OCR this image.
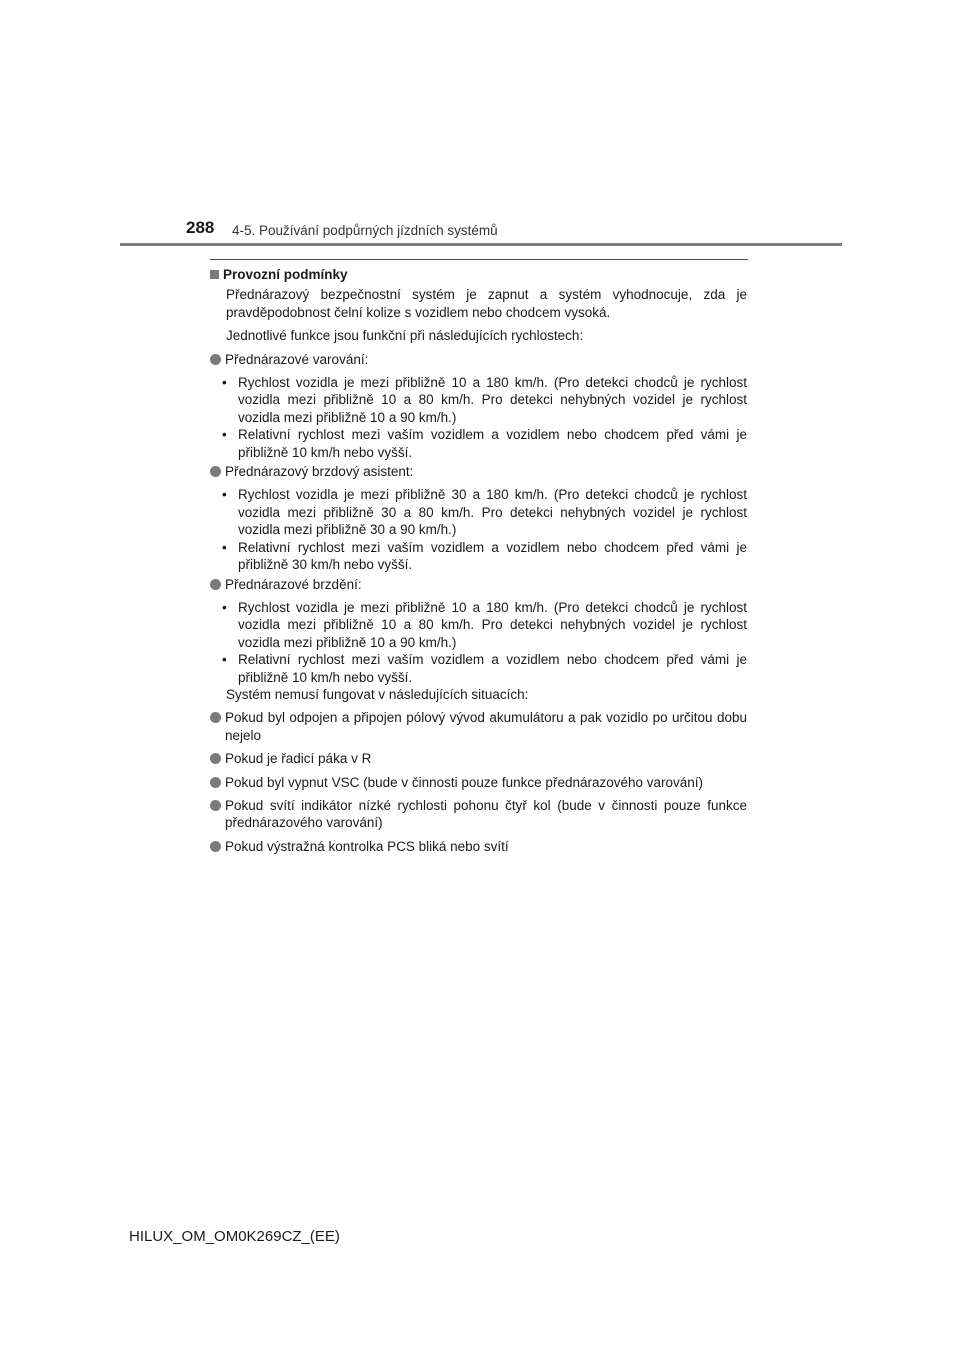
288 4-5. Používání podpůrných jízdních systémů
Provozní podmínky

Přednárazový bezpečnostní systém je zapnut a systém vyhodnocuje, zda je pravděpodobnost čelní kolize s vozidlem nebo chodcem vysoká.

Jednotlivé funkce jsou funkční při následujících rychlostech:

Přednárazové varování:
• Rychlost vozidla je mezi přibližně 10 a 180 km/h. (Pro detekci chodců je rychlost vozidla mezi přibližně 10 a 80 km/h. Pro detekci nehybných vozidel je rychlost vozidla mezi přibližně 10 a 90 km/h.)
• Relativní rychlost mezi vaším vozidlem a vozidlem nebo chodcem před vámi je přibližně 10 km/h nebo vyšší.
Přednárazový brzdový asistent:
• Rychlost vozidla je mezi přibližně 30 a 180 km/h. (Pro detekci chodců je rychlost vozidla mezi přibližně 30 a 80 km/h. Pro detekci nehybných vozidel je rychlost vozidla mezi přibližně 30 a 90 km/h.)
• Relativní rychlost mezi vaším vozidlem a vozidlem nebo chodcem před vámi je přibližně 30 km/h nebo vyšší.
Přednárazové brzdění:
• Rychlost vozidla je mezi přibližně 10 a 180 km/h. (Pro detekci chodců je rychlost vozidla mezi přibližně 10 a 80 km/h. Pro detekci nehybných vozidel je rychlost vozidla mezi přibližně 10 a 90 km/h.)
• Relativní rychlost mezi vaším vozidlem a vozidlem nebo chodcem před vámi je přibližně 10 km/h nebo vyšší.

Systém nemusí fungovat v následujících situacích:

Pokud byl odpojen a připojen pólový vývod akumulátoru a pak vozidlo po určitou dobu nejelo
Pokud je řadicí páka v R
Pokud byl vypnut VSC (bude v činnosti pouze funkce přednárazového varování)
Pokud svítí indikátor nízké rychlosti pohonu čtyř kol (bude v činnosti pouze funkce přednárazového varování)
Pokud výstražná kontrolka PCS bliká nebo svítí
HILUX_OM_OM0K269CZ_(EE)
